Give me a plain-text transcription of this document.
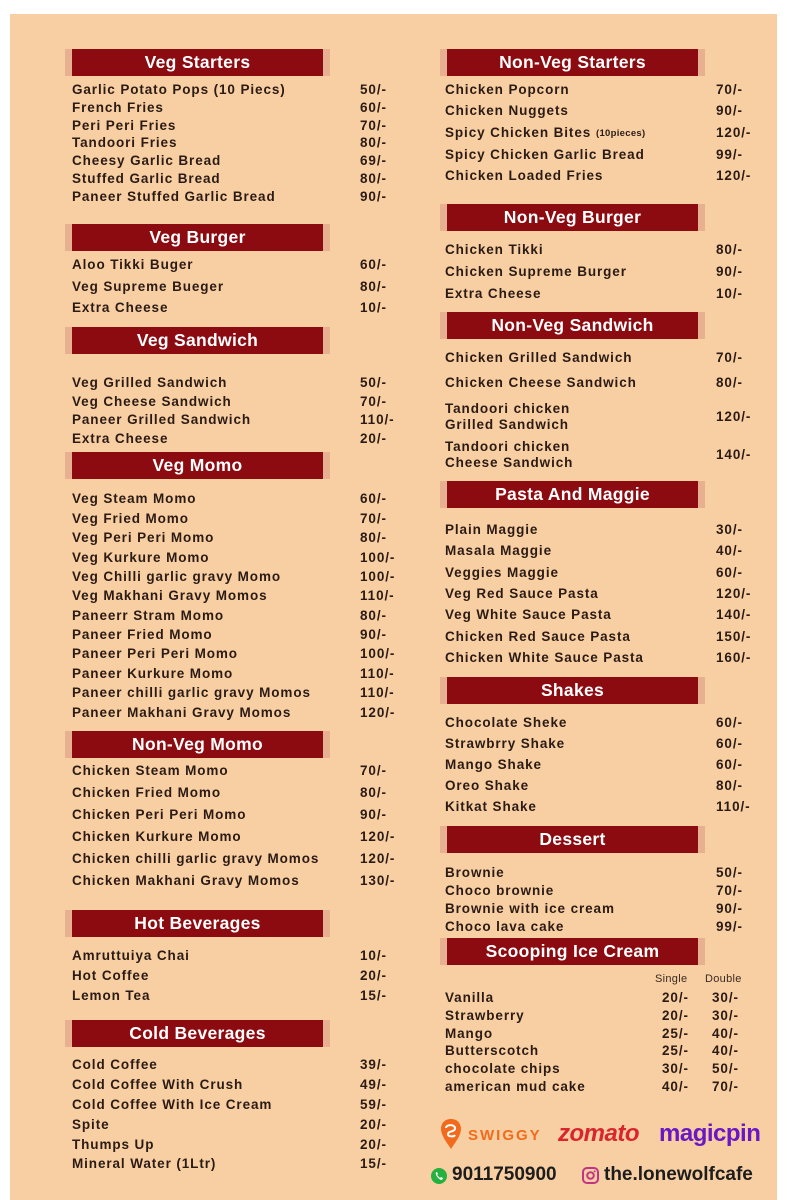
Veg Starters
Garlic Potato Pops (10 Piecs)	50/-
French Fries	60/-
Peri Peri Fries	70/-
Tandoori Fries	80/-
Cheesy Garlic Bread	69/-
Stuffed Garlic Bread	80/-
Paneer Stuffed Garlic Bread	90/-
Veg Burger
Aloo Tikki Buger	60/-
Veg Supreme Bueger	80/-
Extra Cheese	10/-
Veg Sandwich
Veg Grilled Sandwich	50/-
Veg Cheese Sandwich	70/-
Paneer Grilled Sandwich	110/-
Extra Cheese	20/-
Veg Momo
Veg Steam Momo	60/-
Veg Fried Momo	70/-
Veg Peri Peri Momo	80/-
Veg Kurkure Momo	100/-
Veg Chilli garlic gravy Momo	100/-
Veg Makhani Gravy Momos	110/-
Paneerr Stram Momo	80/-
Paneer Fried Momo	90/-
Paneer Peri Peri Momo	100/-
Paneer Kurkure Momo	110/-
Paneer chilli garlic gravy Momos	110/-
Paneer Makhani Gravy Momos	120/-
Non-Veg Momo
Chicken Steam Momo	70/-
Chicken Fried Momo	80/-
Chicken Peri Peri Momo	90/-
Chicken Kurkure Momo	120/-
Chicken chilli garlic gravy Momos	120/-
Chicken Makhani Gravy Momos	130/-
Hot Beverages
Amruttuiya Chai	10/-
Hot Coffee	20/-
Lemon Tea	15/-
Cold Beverages
Cold Coffee	39/-
Cold Coffee With Crush	49/-
Cold Coffee With Ice Cream	59/-
Spite	20/-
Thumps Up	20/-
Mineral Water (1Ltr)	15/-
Non-Veg Starters
Chicken Popcorn	70/-
Chicken Nuggets	90/-
Spicy Chicken Bites (10pieces)	120/-
Spicy Chicken Garlic Bread	99/-
Chicken Loaded Fries	120/-
Non-Veg Burger
Chicken Tikki	80/-
Chicken Supreme Burger	90/-
Extra Cheese	10/-
Non-Veg Sandwich
Chicken Grilled Sandwich	70/-
Chicken Cheese Sandwich	80/-
Tandoori chicken
Grilled Sandwich
120/-
Tandoori chicken
Cheese Sandwich
140/-
Pasta And Maggie
Plain Maggie	30/-
Masala Maggie	40/-
Veggies Maggie	60/-
Veg Red Sauce Pasta	120/-
Veg White Sauce Pasta	140/-
Chicken Red Sauce Pasta	150/-
Chicken White Sauce Pasta	160/-
Shakes
Chocolate Sheke	60/-
Strawbrry Shake	60/-
Mango Shake	60/-
Oreo Shake	80/-
Kitkat Shake	110/-
Dessert
Brownie	50/-
Choco brownie	70/-
Brownie with ice cream	90/-
Choco lava cake	99/-
Scooping Ice Cream
Single Double
Vanilla	20/- 30/-
Strawberry	20/- 30/-
Mango	25/- 40/-
Butterscotch	25/- 40/-
chocolate chips	30/- 50/-
american mud cake	40/- 70/-
SWIGGY zomato magicpin
9011750900 the.lonewolfcafe
